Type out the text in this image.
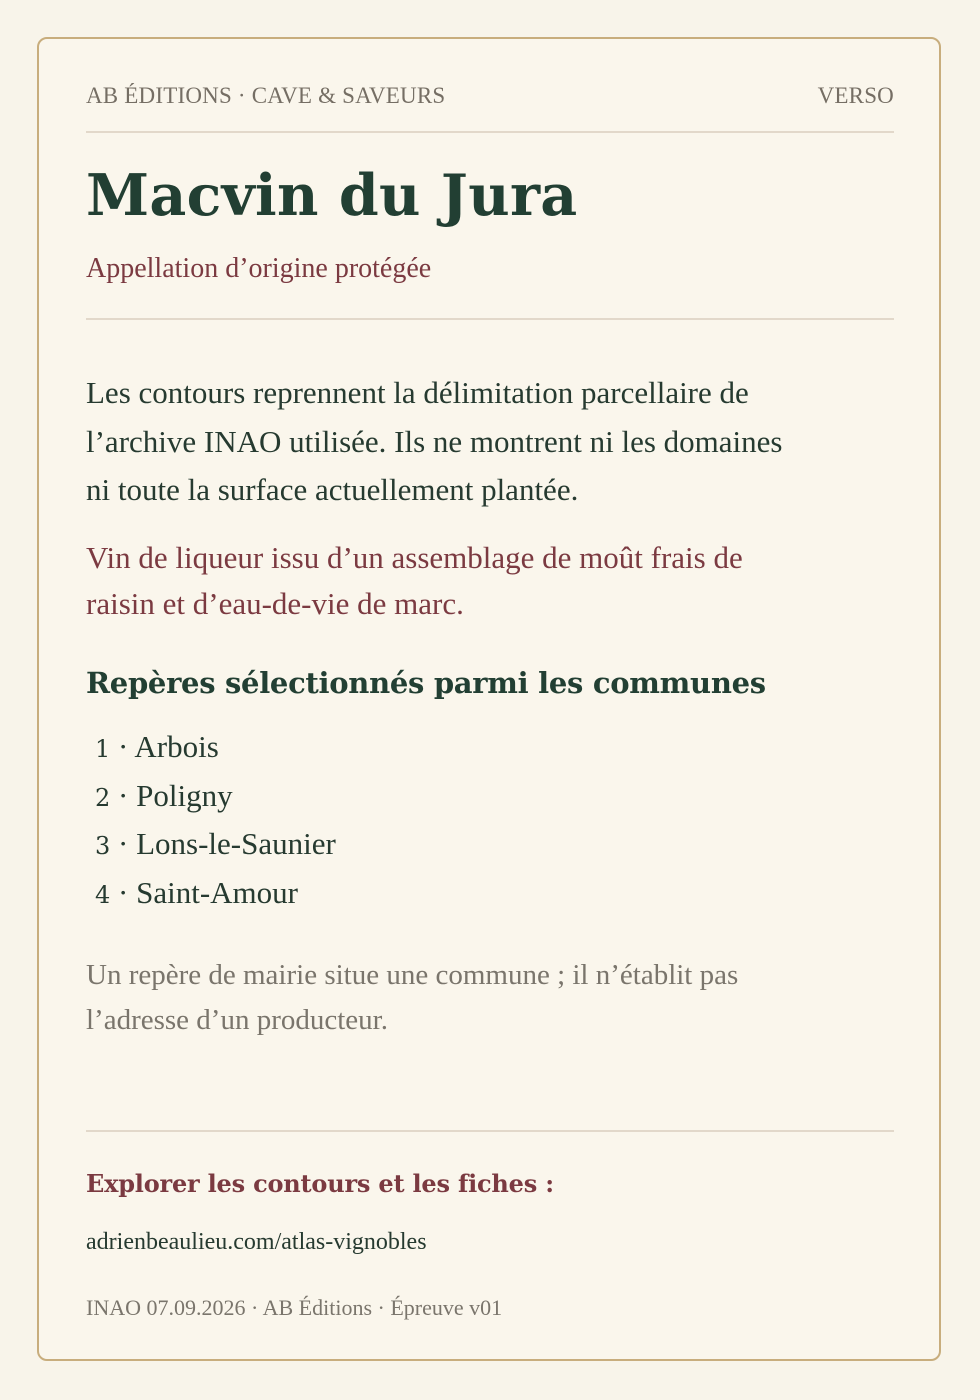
AB ÉDITIONS · CAVE & SAVEURS	VERSO
Macvin du Jura
Appellation d’origine protégée

Les contours reprennent la délimitation parcellaire de l’archive INAO utilisée. Ils ne montrent ni les domaines ni toute la surface actuellement plantée.

Vin de liqueur issu d’un assemblage de moût frais de raisin et d’eau-de-vie de marc.

Repères sélectionnés parmi les communes
1 · Arbois
2 · Poligny
3 · Lons-le-Saunier
4 · Saint-Amour

Un repère de mairie situe une commune ; il n’établit pas l’adresse d’un producteur.

Explorer les contours et les fiches :
adrienbeaulieu.com/atlas-vignobles
INAO 07.09.2026 · AB Éditions · Épreuve v01
